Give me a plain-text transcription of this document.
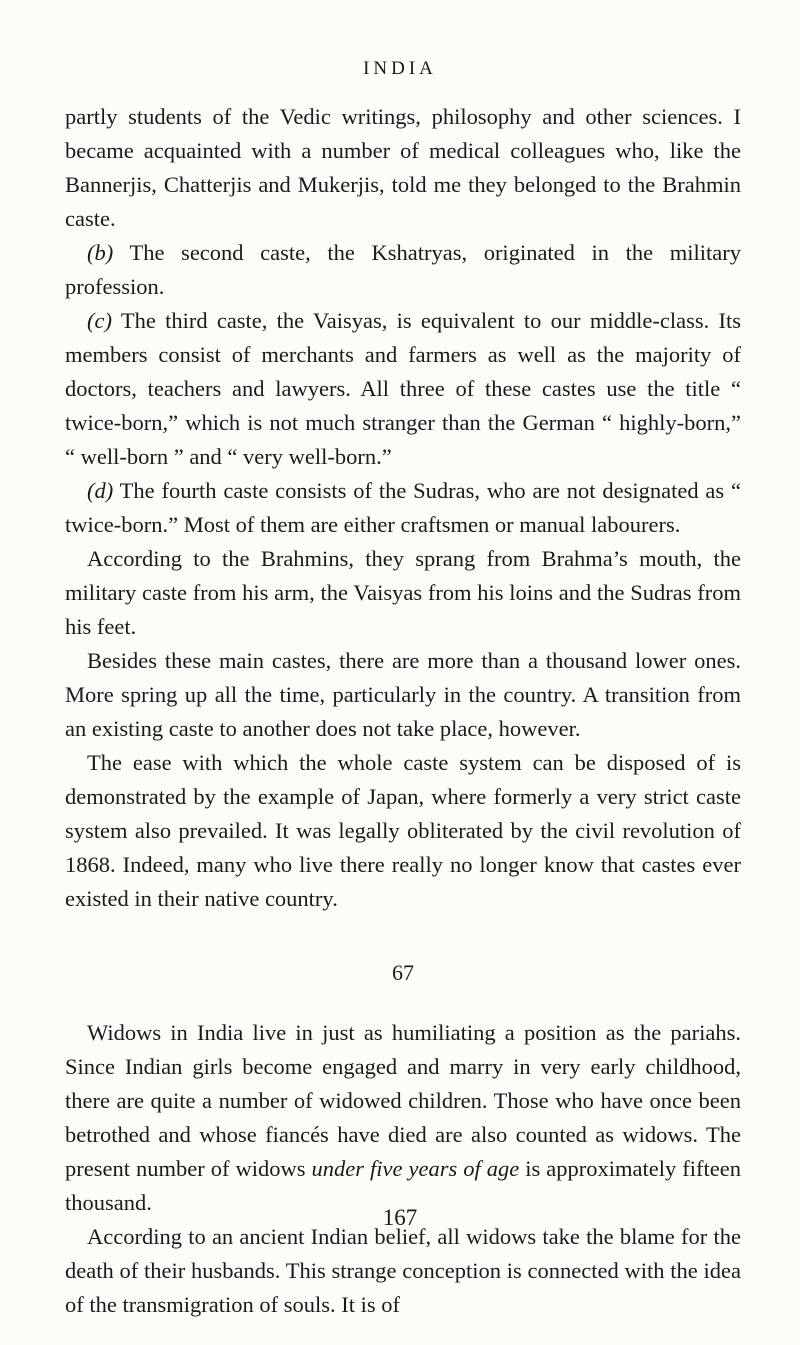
INDIA

partly students of the Vedic writings, philosophy and other sciences. I became acquainted with a number of medical colleagues who, like the Bannerjis, Chatterjis and Mukerjis, told me they belonged to the Brahmin caste.

(b) The second caste, the Kshatryas, originated in the military profession.

(c) The third caste, the Vaisyas, is equivalent to our middle-class. Its members consist of merchants and farmers as well as the majority of doctors, teachers and lawyers. All three of these castes use the title “ twice-born,” which is not much stranger than the German “ highly-born,” “ well-born ” and “ very well-born.”

(d) The fourth caste consists of the Sudras, who are not designated as “ twice-born.” Most of them are either craftsmen or manual labourers.

According to the Brahmins, they sprang from Brahma’s mouth, the military caste from his arm, the Vaisyas from his loins and the Sudras from his feet.

Besides these main castes, there are more than a thousand lower ones. More spring up all the time, particularly in the country. A transition from an existing caste to another does not take place, however.

The ease with which the whole caste system can be disposed of is demonstrated by the example of Japan, where formerly a very strict caste system also prevailed. It was legally obliterated by the civil revolution of 1868. Indeed, many who live there really no longer know that castes ever existed in their native country.

67

Widows in India live in just as humiliating a position as the pariahs. Since Indian girls become engaged and marry in very early childhood, there are quite a number of widowed children. Those who have once been betrothed and whose fiancés have died are also counted as widows. The present number of widows under five years of age is approximately fifteen thousand.

According to an ancient Indian belief, all widows take the blame for the death of their husbands. This strange conception is connected with the idea of the transmigration of souls. It is of

167
